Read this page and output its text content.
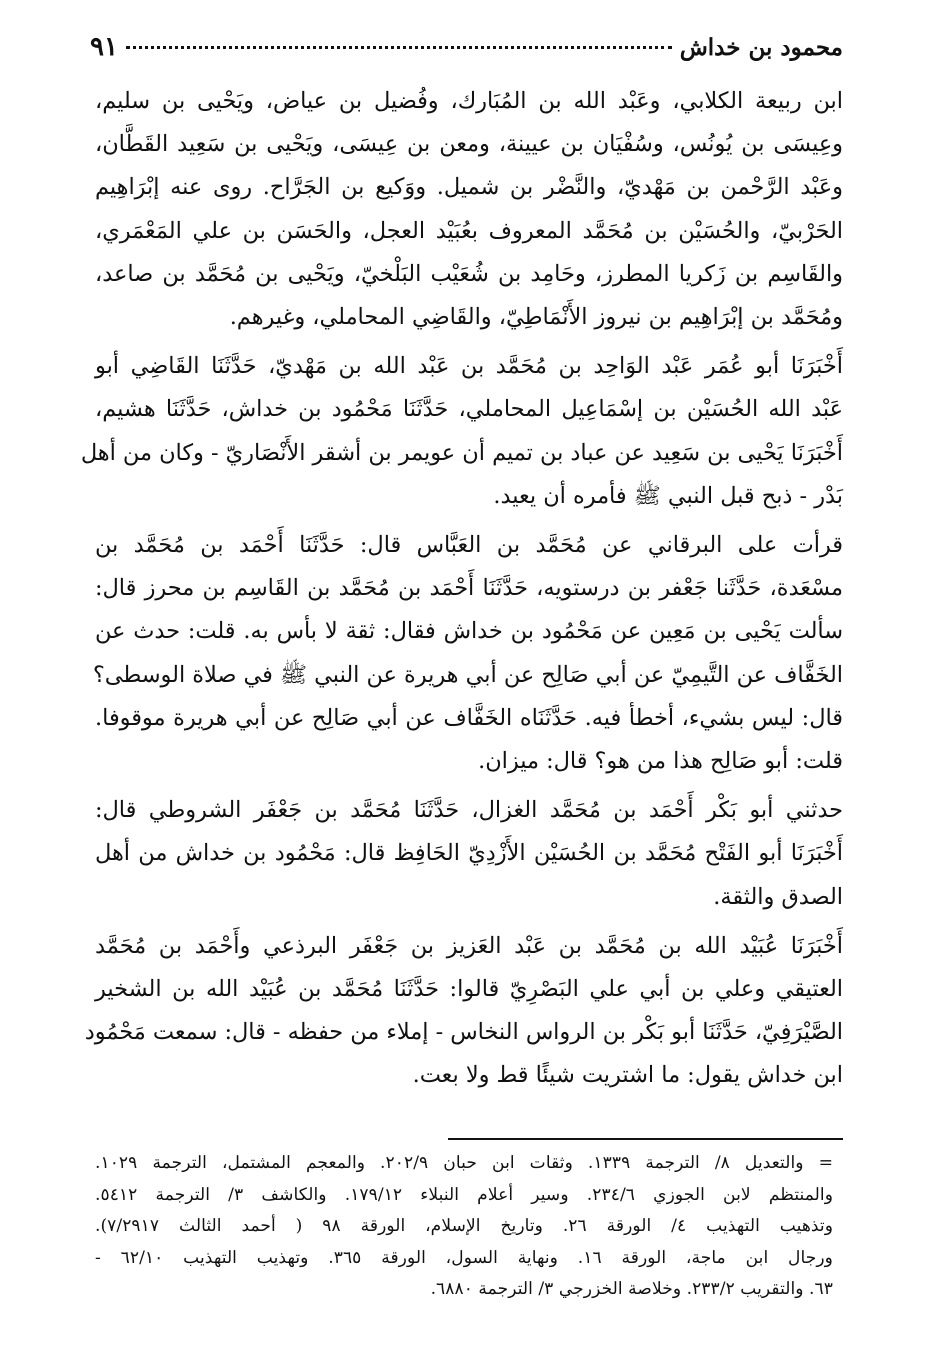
محمود بن خداش
٩١

ابن ربيعة الكلابي، وعَبْد الله بن المُبَارك، وفُضيل بن عياض، ويَحْيى بن سليم،
وعِيسَى بن يُونُس، وسُفْيَان بن عيينة، ومعن بن عِيسَى، ويَحْيى بن سَعِيد القَطَّان،
وعَبْد الرَّحْمن بن مَهْديّ، والنَّضْر بن شميل. ووَكيع بن الجَرَّاح. روى عنه إبْرَاهِيم
الحَرْبيّ، والحُسَيْن بن مُحَمَّد المعروف بعُبَيْد العجل، والحَسَن بن علي المَعْمَري،
والقَاسِم بن زَكريا المطرز، وحَامِد بن شُعَيْب البَلْخيّ، ويَحْيى بن مُحَمَّد بن صاعد،
ومُحَمَّد بن إبْرَاهِيم بن نيروز الأَنْمَاطِيّ، والقَاضِي المحاملي، وغيرهم.

أَخْبَرَنَا أبو عُمَر عَبْد الوَاحِد بن مُحَمَّد بن عَبْد الله بن مَهْديّ، حَدَّثَنَا القَاضِي أبو
عَبْد الله الحُسَيْن بن إسْمَاعِيل المحاملي، حَدَّثَنَا مَحْمُود بن خداش، حَدَّثَنَا هشيم،
أَخْبَرَنَا يَحْيى بن سَعِيد عن عباد بن تميم أن عويمر بن أشقر الأَنْصَاريّ - وكان من أهل
بَدْر - ذبح قبل النبي ﷺ فأمره أن يعيد.

قرأت على البرقاني عن مُحَمَّد بن العَبَّاس قال: حَدَّثَنَا أَحْمَد بن مُحَمَّد بن
مسْعَدة، حَدَّثَنا جَعْفر بن درستويه، حَدَّثَنَا أَحْمَد بن مُحَمَّد بن القَاسِم بن محرز قال:
سألت يَحْيى بن مَعِين عن مَحْمُود بن خداش فقال: ثقة لا بأس به. قلت: حدث عن
الخَفَّاف عن التَّيمِيّ عن أبي صَالِح عن أبي هريرة عن النبي ﷺ في صلاة الوسطى؟
قال: ليس بشيء، أخطأ فيه. حَدَّثَنَاه الخَفَّاف عن أبي صَالِح عن أبي هريرة موقوفا.
قلت: أبو صَالِح هذا من هو؟ قال: ميزان.

حدثني أبو بَكْر أَحْمَد بن مُحَمَّد الغزال، حَدَّثَنَا مُحَمَّد بن جَعْفَر الشروطي قال:
أَخْبَرَنَا أبو الفَتْح مُحَمَّد بن الحُسَيْن الأَزْدِيّ الحَافِظ قال: مَحْمُود بن خداش من أهل
الصدق والثقة.

أَخْبَرَنَا عُبَيْد الله بن مُحَمَّد بن عَبْد العَزيز بن جَعْفَر البرذعي وأَحْمَد بن مُحَمَّد
العتيقي وعلي بن أبي علي البَصْرِيّ قالوا: حَدَّثَنَا مُحَمَّد بن عُبَيْد الله بن الشخير
الصَّيْرَفِيّ، حَدَّثَنَا أبو بَكْر بن الرواس النخاس - إملاء من حفظه - قال: سمعت مَحْمُود
ابن خداش يقول: ما اشتريت شيئًا قط ولا بعت.

= والتعديل ٨/ الترجمة ١٣٣٩. وثقات ابن حبان ٢٠٢/٩. والمعجم المشتمل، الترجمة ١٠٢٩.
والمنتظم لابن الجوزي ٢٣٤/٦. وسير أعلام النبلاء ١٧٩/١٢. والكاشف ٣/ الترجمة ٥٤١٢.
وتذهيب التهذيب ٤/ الورقة ٢٦. وتاريخ الإسلام، الورقة ٩٨ ( أحمد الثالث ٧/٢٩١٧).
ورجال ابن ماجة، الورقة ١٦. ونهاية السول، الورقة ٣٦٥. وتهذيب التهذيب ٦٢/١٠ -
٦٣. والتقريب ٢٣٣/٢. وخلاصة الخزرجي ٣/ الترجمة ٦٨٨٠.
